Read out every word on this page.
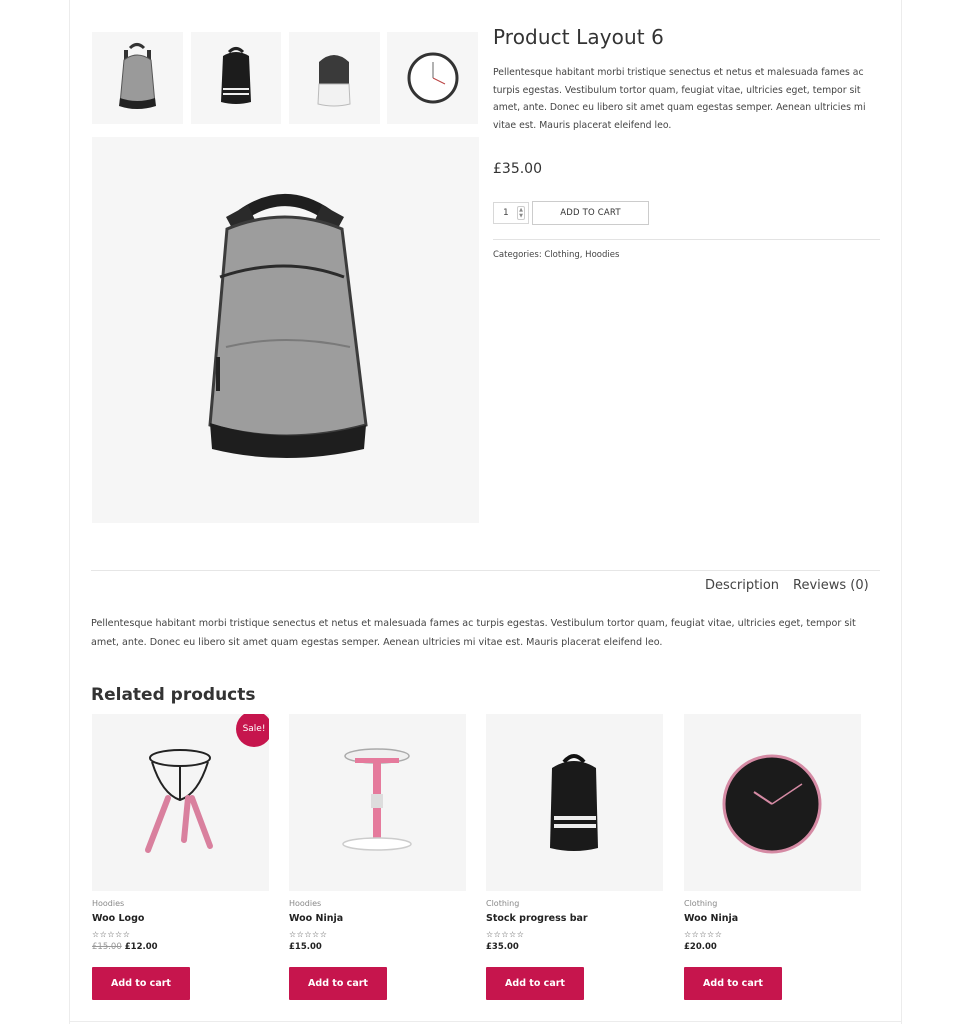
Product Layout 6

Pellentesque habitant morbi tristique senectus et netus et malesuada fames ac turpis egestas. Vestibulum tortor quam, feugiat vitae, ultricies eget, tempor sit amet, ante. Donec eu libero sit amet quam egestas semper. Aenean ultricies mi vitae est. Mauris placerat eleifend leo.

£35.00
1	▲
▼	ADD TO CART
Categories: Clothing, Hoodies
Description Reviews (0)

Pellentesque habitant morbi tristique senectus et netus et malesuada fames ac turpis egestas. Vestibulum tortor quam, feugiat vitae, ultricies eget, tempor sit amet, ante. Donec eu libero sit amet quam egestas semper. Aenean ultricies mi vitae est. Mauris placerat eleifend leo.

Related products
Sale!
Hoodies
Woo Logo
☆☆☆☆☆
£15.00 £12.00
Add to cart
Hoodies
Woo Ninja
☆☆☆☆☆
£15.00
Add to cart
Clothing
Stock progress bar
☆☆☆☆☆
£35.00
Add to cart
Clothing
Woo Ninja
☆☆☆☆☆
£20.00
Add to cart
